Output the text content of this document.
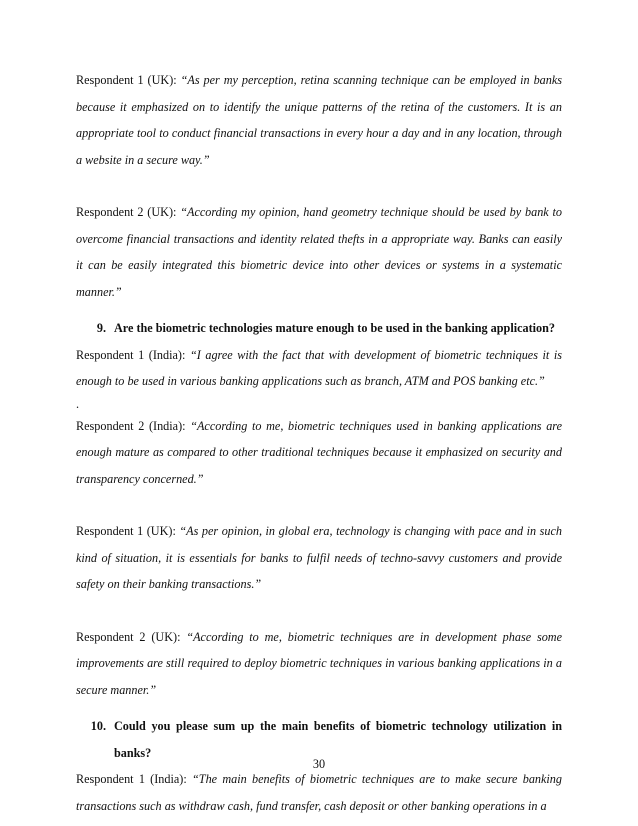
Respondent 1 (UK): “As per my perception, retina scanning technique can be employed in banks because it emphasized on to identify the unique patterns of the retina of the customers. It is an appropriate tool to conduct financial transactions in every hour a day and in any location, through a website in a secure way.”

Respondent 2 (UK): “According my opinion, hand geometry technique should be used by bank to overcome financial transactions and identity related thefts in a appropriate way. Banks can easily it can be easily integrated this biometric device into other devices or systems in a systematic manner.”

9. Are the biometric technologies mature enough to be used in the banking application?

Respondent 1 (India): “I agree with the fact that with development of biometric techniques it is enough to be used in various banking applications such as branch, ATM and POS banking etc.”

.

Respondent 2 (India): “According to me, biometric techniques used in banking applications are enough mature as compared to other traditional techniques because it emphasized on security and transparency concerned.”

Respondent 1 (UK): “As per opinion, in global era, technology is changing with pace and in such kind of situation, it is essentials for banks to fulfil needs of techno-savvy customers and provide safety on their banking transactions.”

Respondent 2 (UK): “According to me, biometric techniques are in development phase some improvements are still required to deploy biometric techniques in various banking applications in a secure manner.”

10. Could you please sum up the main benefits of biometric technology utilization in banks?

Respondent 1 (India): “The main benefits of biometric techniques are to make secure banking transactions such as withdraw cash, fund transfer, cash deposit or other banking operations in a

30
